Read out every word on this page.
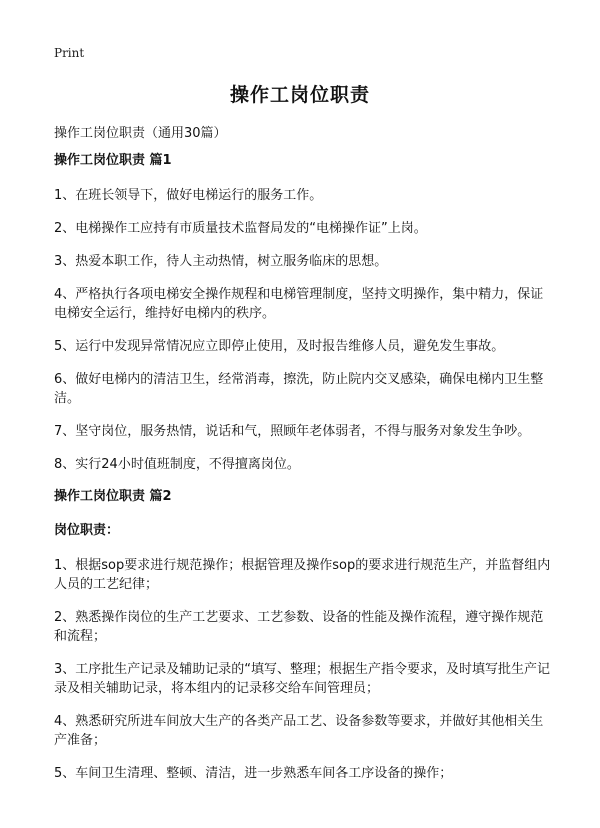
Print
操作工岗位职责
操作工岗位职责（通用30篇）
操作工岗位职责 篇1
1、在班长领导下，做好电梯运行的服务工作。
2、电梯操作工应持有市质量技术监督局发的“电梯操作证”上岗。
3、热爱本职工作，待人主动热情，树立服务临床的思想。
4、严格执行各项电梯安全操作规程和电梯管理制度，坚持文明操作，集中精力，保证电梯安全运行，维持好电梯内的秩序。
5、运行中发现异常情况应立即停止使用，及时报告维修人员，避免发生事故。
6、做好电梯内的清洁卫生，经常消毒，擦洗，防止院内交叉感染，确保电梯内卫生整洁。
7、坚守岗位，服务热情，说话和气，照顾年老体弱者，不得与服务对象发生争吵。
8、实行24小时值班制度，不得擅离岗位。
操作工岗位职责 篇2
岗位职责：
1、根据sop要求进行规范操作；根据管理及操作sop的要求进行规范生产，并监督组内人员的工艺纪律；
2、熟悉操作岗位的生产工艺要求、工艺参数、设备的性能及操作流程，遵守操作规范和流程；
3、工序批生产记录及辅助记录的“填写、整理；根据生产指令要求，及时填写批生产记录及相关辅助记录，将本组内的记录移交给车间管理员；
4、熟悉研究所进车间放大生产的各类产品工艺、设备参数等要求，并做好其他相关生产准备；
5、车间卫生清理、整顿、清洁，进一步熟悉车间各工序设备的操作；
